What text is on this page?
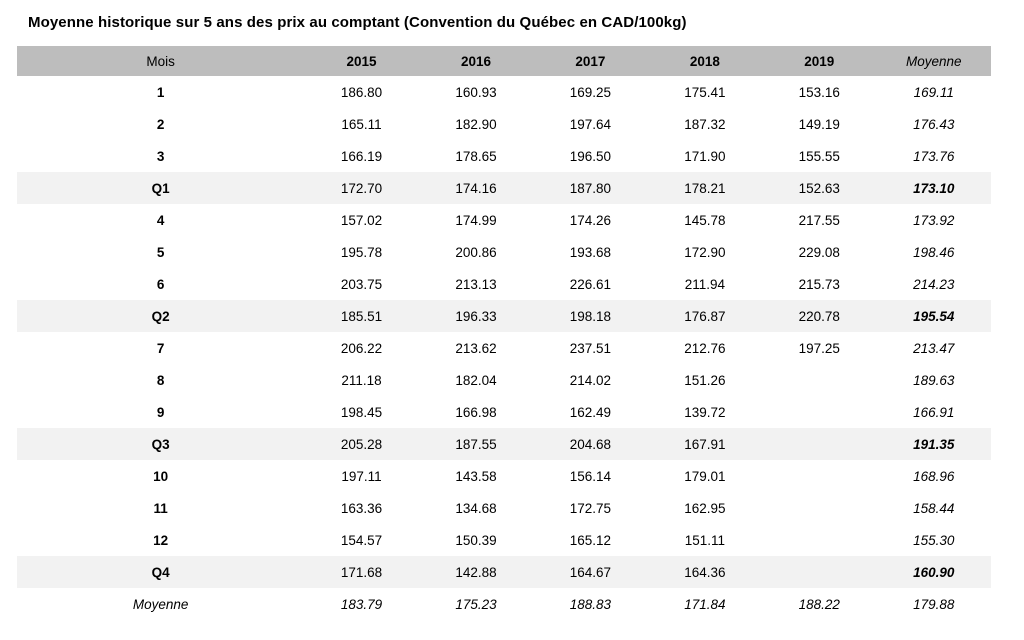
Moyenne historique sur 5 ans des prix au comptant (Convention du Québec en CAD/100kg)
Mois	2015	2016	2017	2018	2019	Moyenne
1	186.80	160.93	169.25	175.41	153.16	169.11
2	165.11	182.90	197.64	187.32	149.19	176.43
3	166.19	178.65	196.50	171.90	155.55	173.76
Q1	172.70	174.16	187.80	178.21	152.63	173.10
4	157.02	174.99	174.26	145.78	217.55	173.92
5	195.78	200.86	193.68	172.90	229.08	198.46
6	203.75	213.13	226.61	211.94	215.73	214.23
Q2	185.51	196.33	198.18	176.87	220.78	195.54
7	206.22	213.62	237.51	212.76	197.25	213.47
8	211.18	182.04	214.02	151.26		189.63
9	198.45	166.98	162.49	139.72		166.91
Q3	205.28	187.55	204.68	167.91		191.35
10	197.11	143.58	156.14	179.01		168.96
11	163.36	134.68	172.75	162.95		158.44
12	154.57	150.39	165.12	151.11		155.30
Q4	171.68	142.88	164.67	164.36		160.90
Moyenne	183.79	175.23	188.83	171.84	188.22	179.88
